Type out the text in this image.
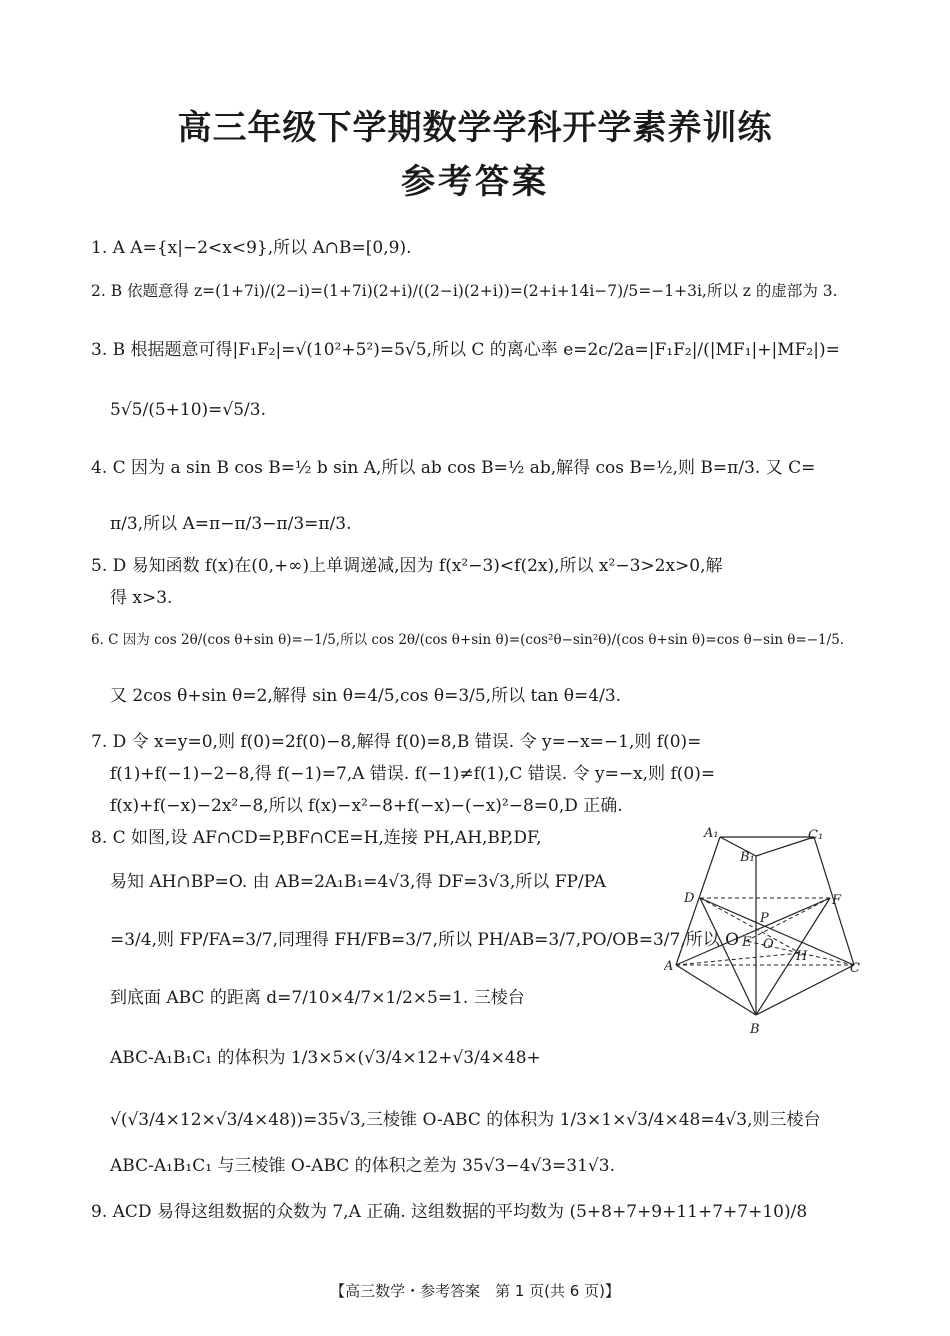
高三年级下学期数学学科开学素养训练
参考答案
1. A A={x|−2<x<9},所以 A∩B=[0,9).
2. B 依题意得 z=(1+7i)/(2−i)=(1+7i)(2+i)/((2−i)(2+i))=(2+i+14i−7)/5=−1+3i,所以 z 的虚部为 3.
3. B 根据题意可得|F₁F₂|=√(10²+5²)=5√5,所以 C 的离心率 e=2c/2a=|F₁F₂|/(|MF₁|+|MF₂|)=
5√5/(5+10)=√5/3.
4. C 因为 a sin B cos B=½ b sin A,所以 ab cos B=½ ab,解得 cos B=½,则 B=π/3. 又 C=
π/3,所以 A=π−π/3−π/3=π/3.
5. D 易知函数 f(x)在(0,+∞)上单调递减,因为 f(x²−3)<f(2x),所以 x²−3>2x>0,解
得 x>3.
6. C 因为 cos 2θ/(cos θ+sin θ)=−1/5,所以 cos 2θ/(cos θ+sin θ)=(cos²θ−sin²θ)/(cos θ+sin θ)=cos θ−sin θ=−1/5.
又 2cos θ+sin θ=2,解得 sin θ=4/5,cos θ=3/5,所以 tan θ=4/3.
7. D 令 x=y=0,则 f(0)=2f(0)−8,解得 f(0)=8,B 错误. 令 y=−x=−1,则 f(0)=
f(1)+f(−1)−2−8,得 f(−1)=7,A 错误. f(−1)≠f(1),C 错误. 令 y=−x,则 f(0)=
f(x)+f(−x)−2x²−8,所以 f(x)−x²−8+f(−x)−(−x)²−8=0,D 正确.
8. C 如图,设 AF∩CD=P,BF∩CE=H,连接 PH,AH,BP,DF,
易知 AH∩BP=O. 由 AB=2A₁B₁=4√3,得 DF=3√3,所以 FP/PA
=3/4,则 FP/FA=3/7,同理得 FH/FB=3/7,所以 PH/AB=3/7,PO/OB=3/7,所以 O
到底面 ABC 的距离 d=7/10×4/7×1/2×5=1. 三棱台
ABC-A₁B₁C₁ 的体积为 1/3×5×(√3/4×12+√3/4×48+
√(√3/4×12×√3/4×48))=35√3,三棱锥 O-ABC 的体积为 1/3×1×√3/4×48=4√3,则三棱台
ABC-A₁B₁C₁ 与三棱锥 O-ABC 的体积之差为 35√3−4√3=31√3.
9. ACD 易得这组数据的众数为 7,A 正确. 这组数据的平均数为 (5+8+7+9+11+7+7+10)/8
A₁	C₁
B₁
D	F
P
E O
H
A	C
B
【高三数学・参考答案　第 1 页(共 6 页)】
